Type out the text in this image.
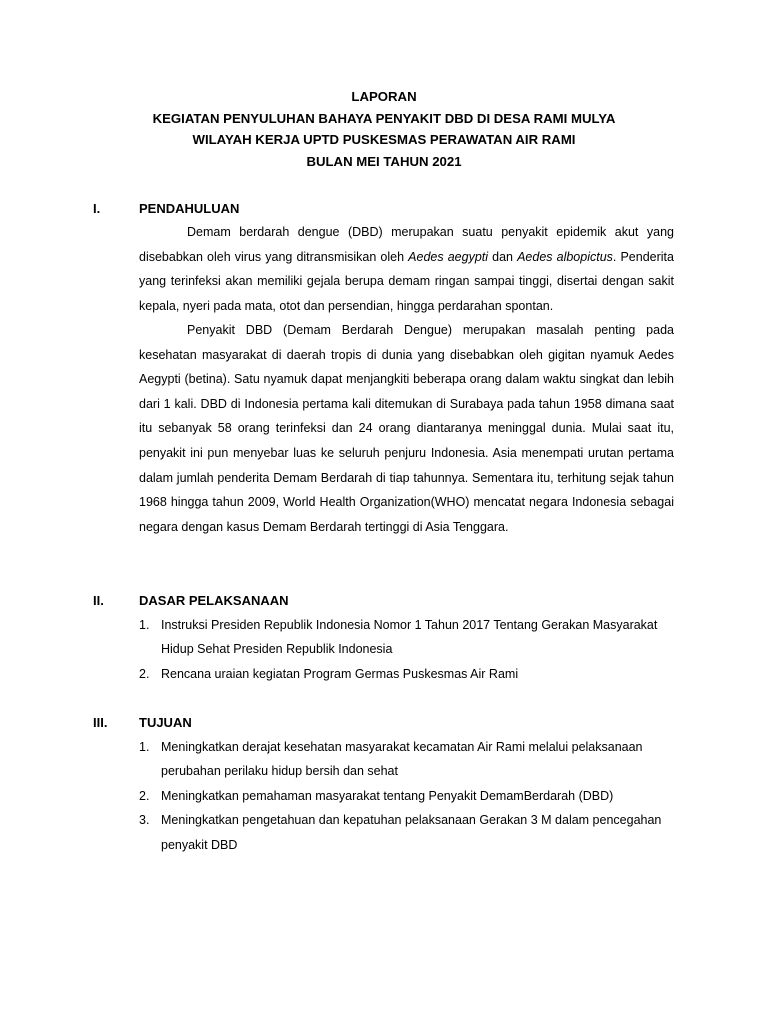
LAPORAN
KEGIATAN PENYULUHAN BAHAYA PENYAKIT DBD DI DESA RAMI MULYA
WILAYAH KERJA UPTD PUSKESMAS PERAWATAN AIR RAMI
BULAN MEI TAHUN 2021
I.	PENDAHULUAN

Demam berdarah dengue (DBD) merupakan suatu penyakit epidemik akut yang disebabkan oleh virus yang ditransmisikan oleh Aedes aegypti dan Aedes albopictus. Penderita yang terinfeksi akan memiliki gejala berupa demam ringan sampai tinggi, disertai dengan sakit kepala, nyeri pada mata, otot dan persendian, hingga perdarahan spontan.

Penyakit DBD (Demam Berdarah Dengue) merupakan masalah penting pada kesehatan masyarakat di daerah tropis di dunia yang disebabkan oleh gigitan nyamuk Aedes Aegypti (betina). Satu nyamuk dapat menjangkiti beberapa orang dalam waktu singkat dan lebih dari 1 kali. DBD di Indonesia pertama kali ditemukan di Surabaya pada tahun 1958 dimana saat itu sebanyak 58 orang terinfeksi dan 24 orang diantaranya meninggal dunia. Mulai saat itu, penyakit ini pun menyebar luas ke seluruh penjuru Indonesia. Asia menempati urutan pertama dalam jumlah penderita Demam Berdarah di tiap tahunnya. Sementara itu, terhitung sejak tahun 1968 hingga tahun 2009, World Health Organization(WHO) mencatat negara Indonesia sebagai negara dengan kasus Demam Berdarah tertinggi di Asia Tenggara.

II.	DASAR PELAKSANAAN
1. Instruksi Presiden Republik Indonesia Nomor 1 Tahun 2017 Tentang Gerakan Masyarakat Hidup Sehat Presiden Republik Indonesia
2. Rencana uraian kegiatan Program Germas Puskesmas Air Rami
III. TUJUAN
1. Meningkatkan derajat kesehatan masyarakat kecamatan Air Rami melalui pelaksanaan perubahan perilaku hidup bersih dan sehat
2. Meningkatkan pemahaman masyarakat tentang Penyakit DemamBerdarah (DBD)
3. Meningkatkan pengetahuan dan kepatuhan pelaksanaan Gerakan 3 M dalam pencegahan penyakit DBD
